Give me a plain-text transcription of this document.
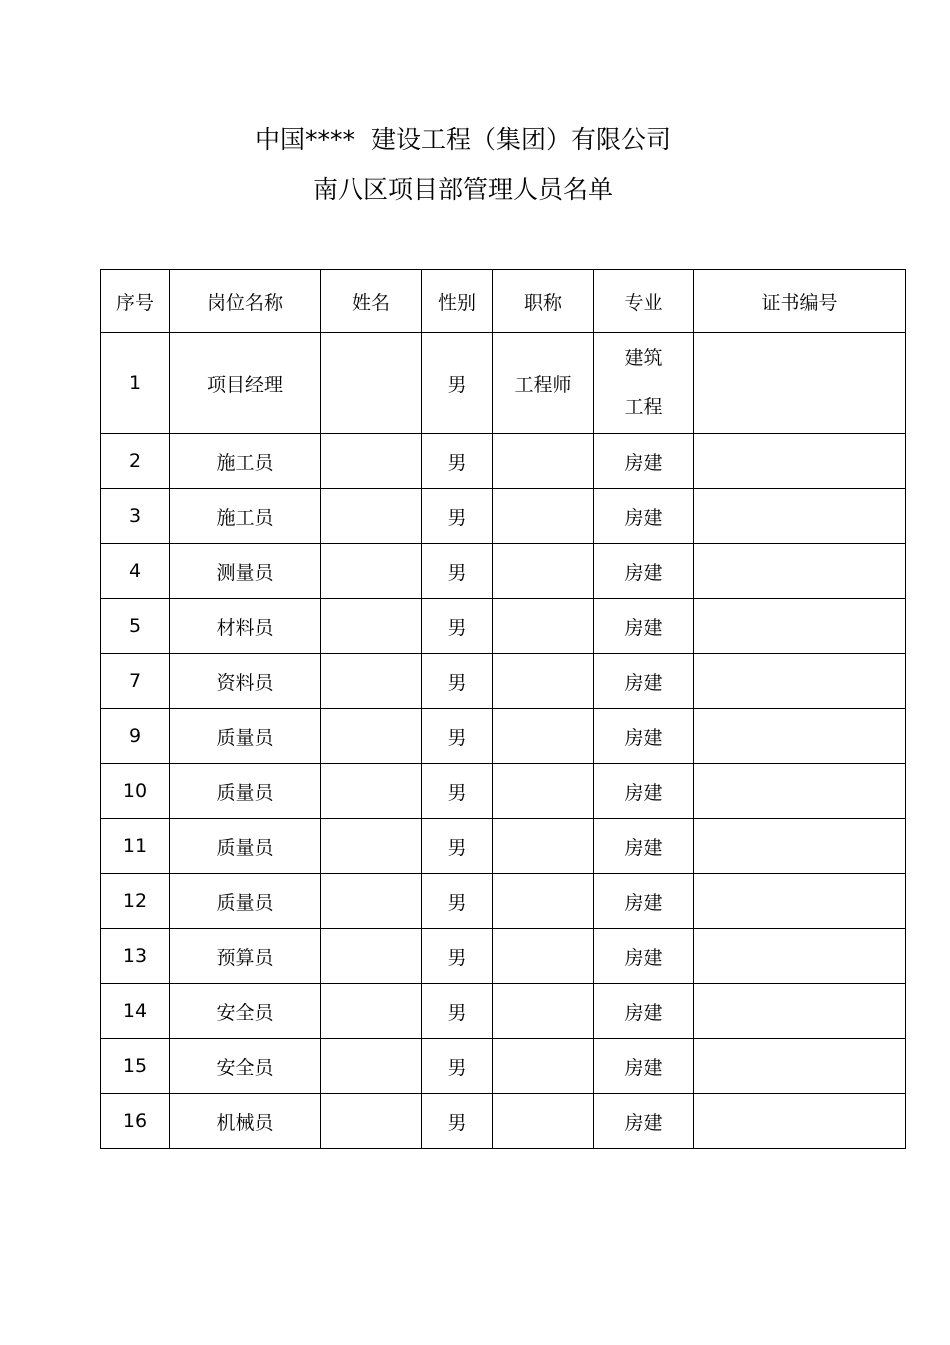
中国****  建设工程（集团）有限公司
南八区项目部管理人员名单
序号	岗位名称	姓名	性别	职称	专业	证书编号
1	项目经理		男	工程师	建筑
工程	
2	施工员		男		房建	
3	施工员		男		房建	
4	测量员		男		房建	
5	材料员		男		房建	
7	资料员		男		房建	
9	质量员		男		房建	
10	质量员		男		房建	
11	质量员		男		房建	
12	质量员		男		房建	
13	预算员		男		房建	
14	安全员		男		房建	
15	安全员		男		房建	
16	机械员		男		房建	
